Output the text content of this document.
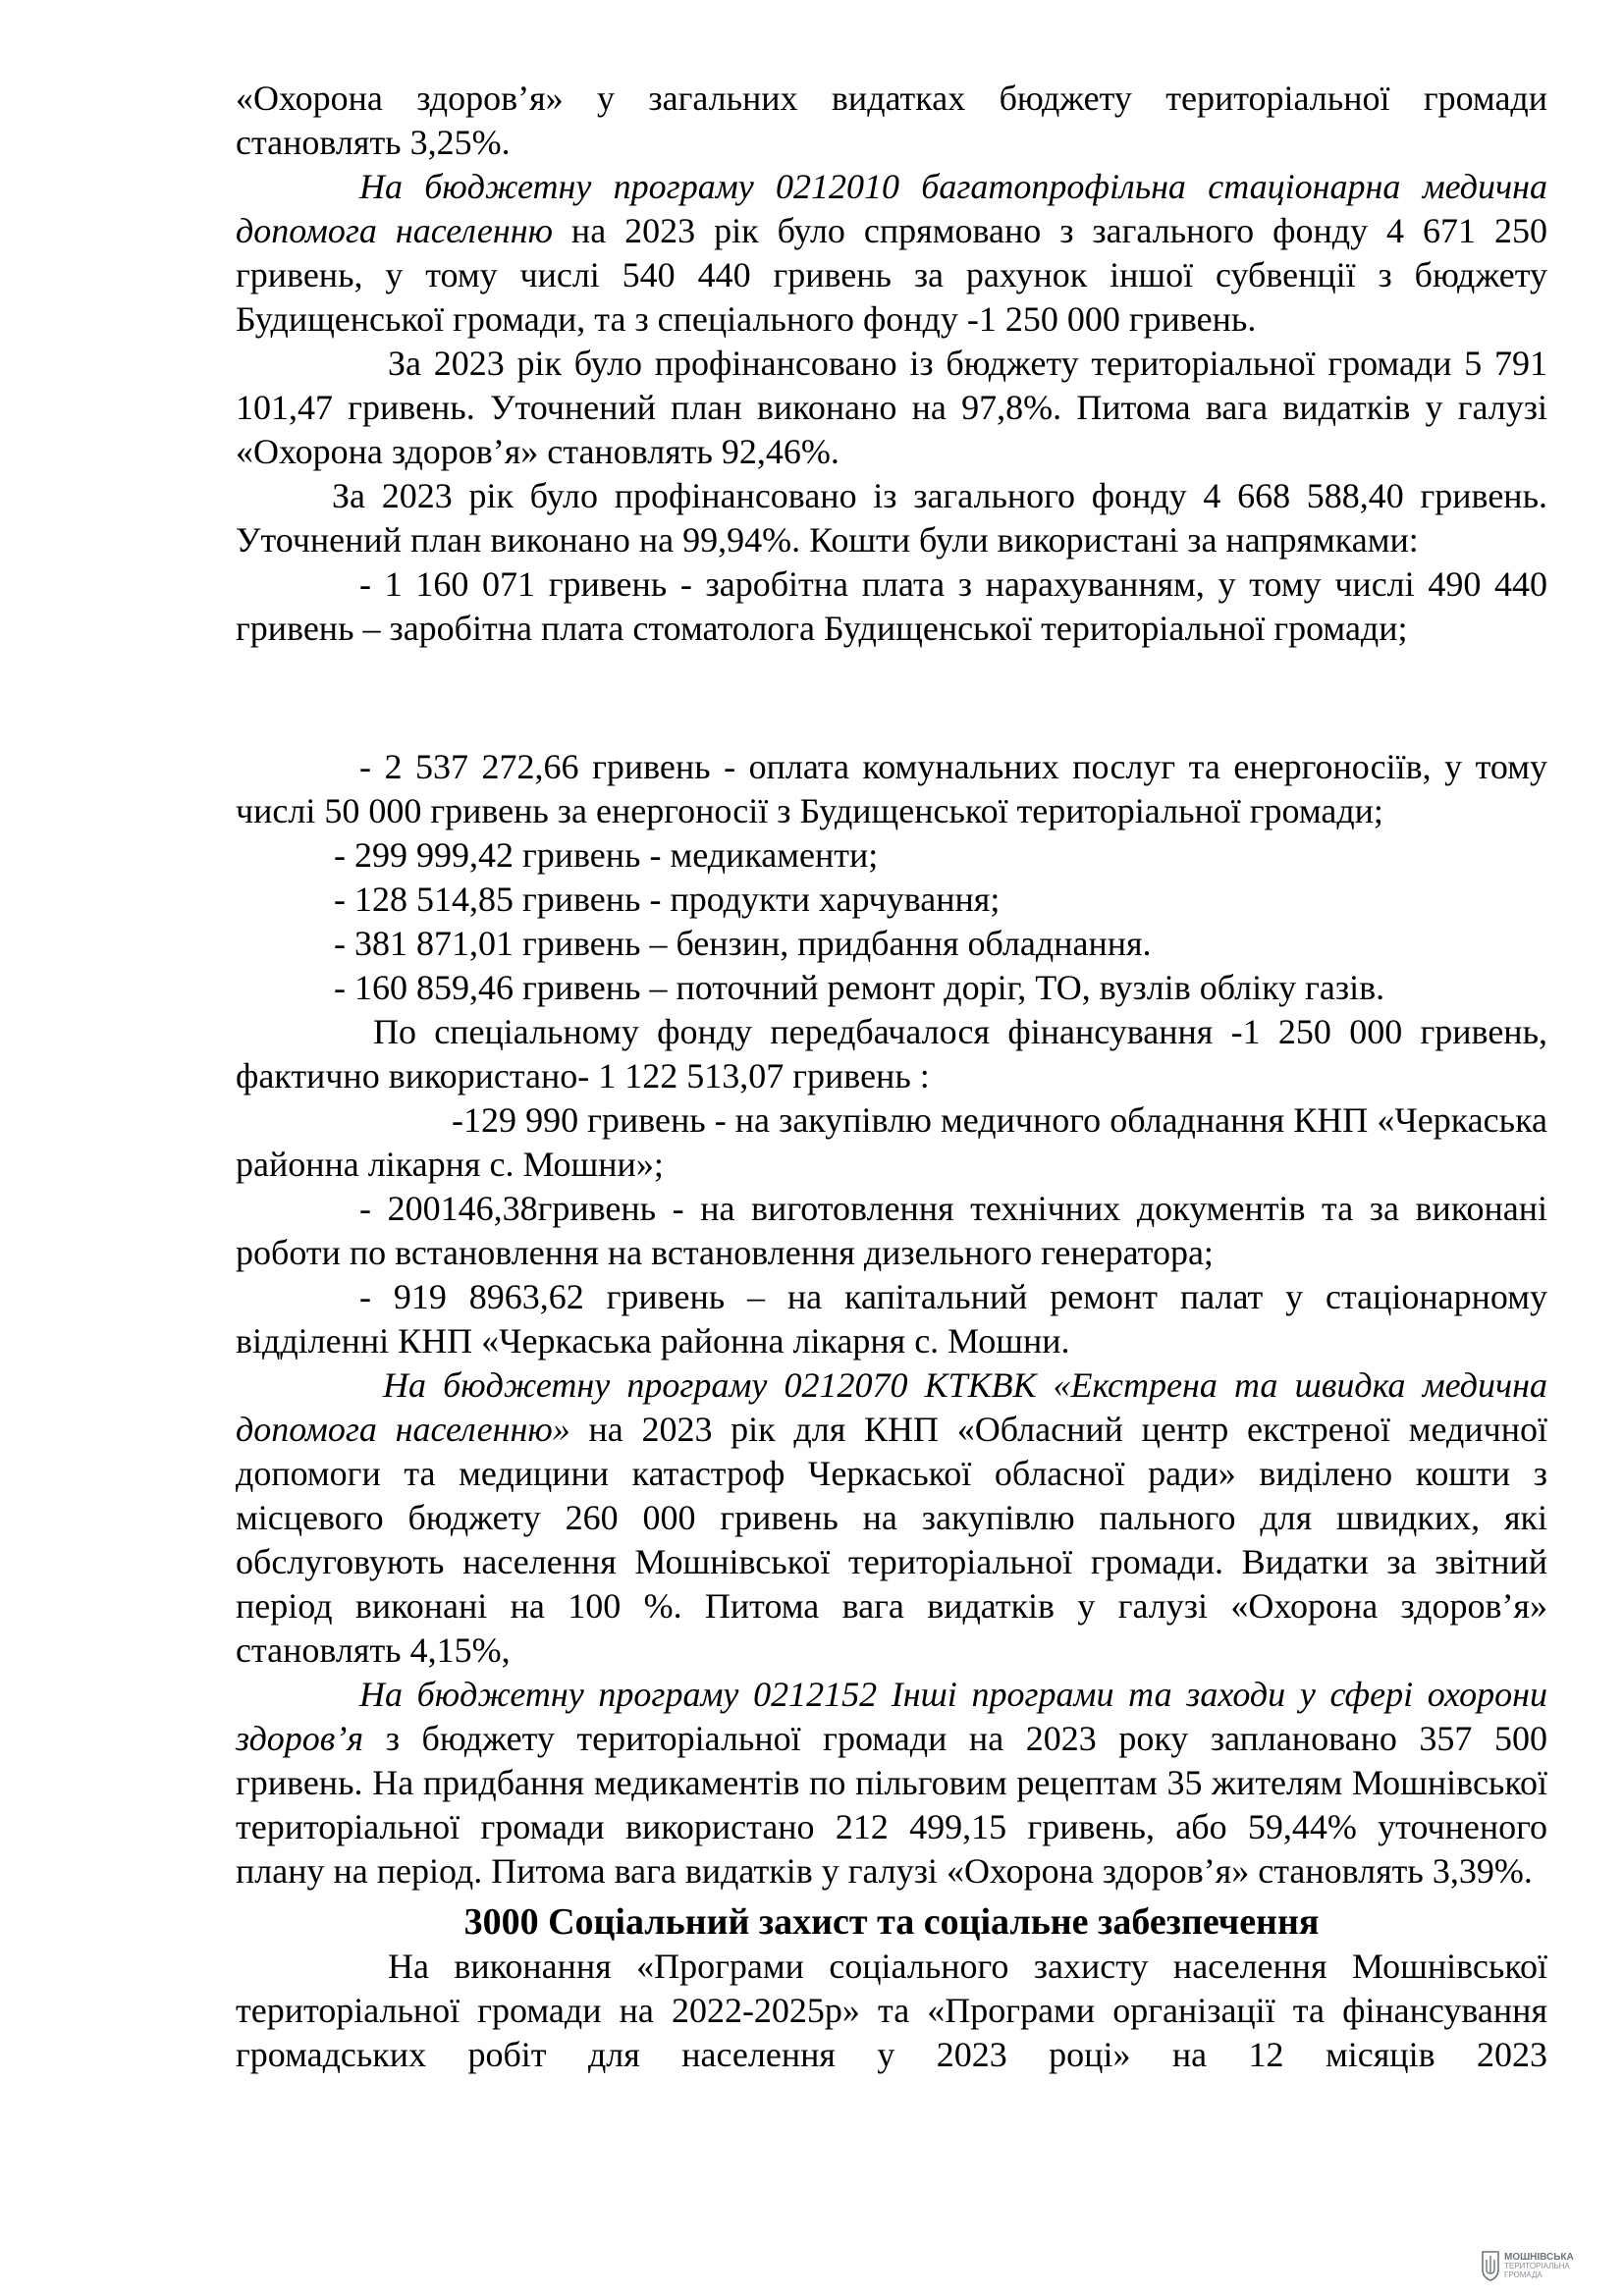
«Охорона здоров’я» у загальних видатках бюджету територіальної громади становлять 3,25%.

На бюджетну програму 0212010 багатопрофільна стаціонарна медична допомога населенню на 2023 рік було спрямовано з загального фонду 4 671 250 гривень, у тому числі 540 440 гривень за рахунок іншої субвенції з бюджету Будищенської громади, та з спеціального фонду -1 250 000 гривень.

За 2023 рік було профінансовано із бюджету територіальної громади 5 791 101,47 гривень. Уточнений план виконано на 97,8%. Питома вага видатків у галузі «Охорона здоров’я» становлять 92,46%.

За 2023 рік було профінансовано із загального фонду 4 668 588,40 гривень. Уточнений план виконано на 99,94%. Кошти були використані за напрямками:

- 1 160 071 гривень - заробітна плата з нарахуванням, у тому числі 490 440 гривень – заробітна плата стоматолога Будищенської територіальної громади;

- 2 537 272,66 гривень - оплата комунальних послуг та енергоносіїв, у тому числі 50 000 гривень за енергоносії з Будищенської територіальної громади;

- 299 999,42 гривень - медикаменти;
- 128 514,85 гривень - продукти харчування;
- 381 871,01 гривень – бензин, придбання обладнання.
- 160 859,46 гривень – поточний ремонт доріг, ТО, вузлів обліку газів.

По спеціальному фонду передбачалося фінансування -1 250 000 гривень, фактично використано- 1 122 513,07 гривень :

-129 990 гривень - на закупівлю медичного обладнання КНП «Черкаська районна лікарня с. Мошни»;

- 200146,38гривень - на виготовлення технічних документів та за виконані роботи по встановлення на встановлення дизельного генератора;

- 919 8963,62 гривень – на капітальний ремонт палат у стаціонарному відділенні КНП «Черкаська районна лікарня с. Мошни.

На бюджетну програму 0212070 КТКВК «Екстрена та швидка медична допомога населенню» на 2023 рік для КНП «Обласний центр екстреної медичної допомоги та медицини катастроф Черкаської обласної ради» виділено кошти з місцевого бюджету 260 000 гривень на закупівлю пального для швидких, які обслуговують населення Мошнівської територіальної громади. Видатки за звітний період виконані на 100 %. Питома вага видатків у галузі «Охорона здоров’я» становлять 4,15%,

На бюджетну програму 0212152 Інші програми та заходи у сфері охорони здоров’я з бюджету територіальної громади на 2023 року заплановано 357 500 гривень. На придбання медикаментів по пільговим рецептам 35 жителям Мошнівської територіальної громади використано 212 499,15 гривень, або 59,44% уточненого плану на період. Питома вага видатків у галузі «Охорона здоров’я» становлять 3,39%.

3000 Соціальний захист та соціальне забезпечення

На виконання «Програми соціального захисту населення Мошнівської територіальної громади на 2022-2025р» та «Програми організації та фінансування громадських робіт для населення у 2023 році» на 12 місяців 2023

МОШНІВСЬКА
ТЕРИТОРІАЛЬНА
ГРОМАДА
